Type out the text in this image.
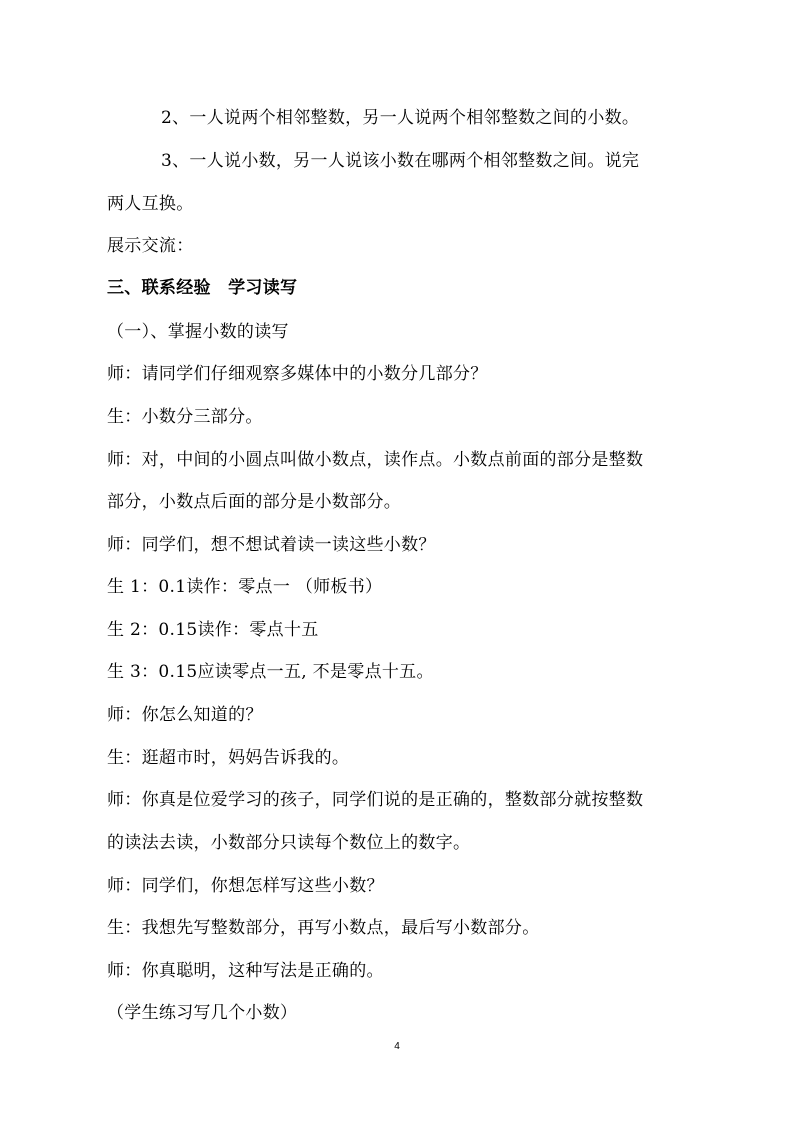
2、一人说两个相邻整数，另一人说两个相邻整数之间的小数。
3、一人说小数，另一人说该小数在哪两个相邻整数之间。说完
两人互换。
展示交流：
三、联系经验　学习读写
（一）、掌握小数的读写
师：请同学们仔细观察多媒体中的小数分几部分？
生：小数分三部分。
师：对，中间的小圆点叫做小数点，读作点。小数点前面的部分是整数
部分，小数点后面的部分是小数部分。
师：同学们，想不想试着读一读这些小数？
生 1：0.1读作：零点一 （师板书）
生 2：0.15读作：零点十五
生 3：0.15应读零点一五, 不是零点十五。
师：你怎么知道的？
生：逛超市时，妈妈告诉我的。
师：你真是位爱学习的孩子，同学们说的是正确的，整数部分就按整数
的读法去读，小数部分只读每个数位上的数字。
师：同学们，你想怎样写这些小数？
生：我想先写整数部分，再写小数点，最后写小数部分。
师：你真聪明，这种写法是正确的。
（学生练习写几个小数）
4
